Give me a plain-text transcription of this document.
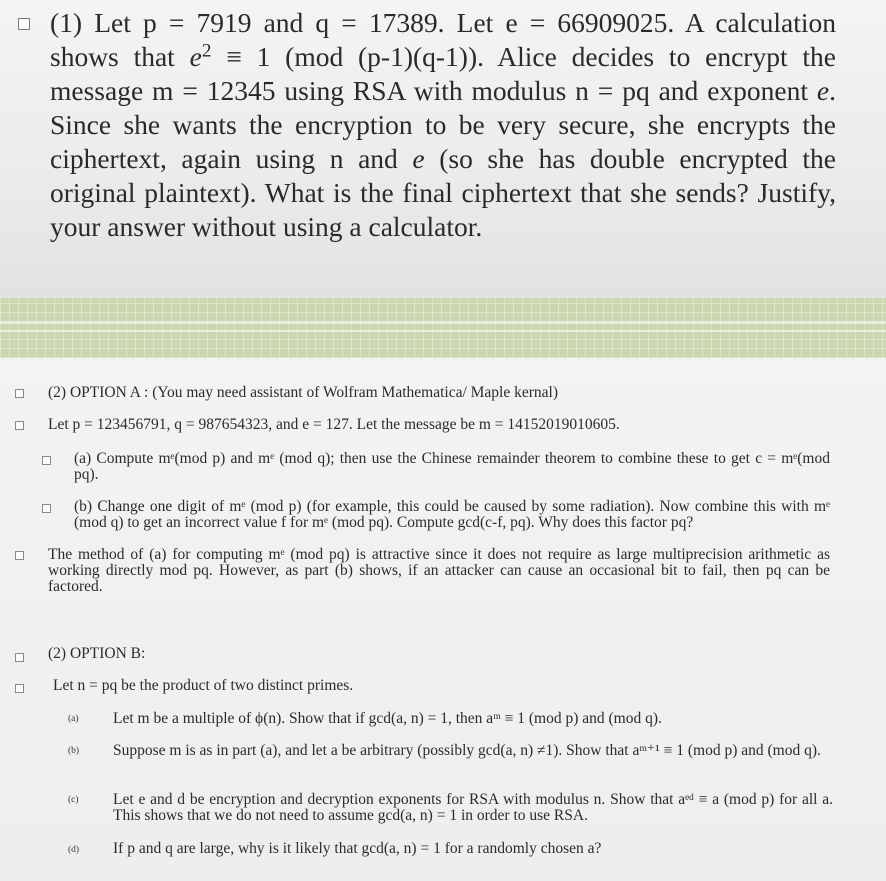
(1) Let p = 7919 and q = 17389. Let e = 66909025. A calculation shows that $e^2 \equiv 1$ (mod (p-1)(q-1)). Alice decides to encrypt the message m = 12345 using RSA with modulus n = pq and exponent e. Since she wants the encryption to be very secure, she encrypts the ciphertext, again using n and e (so she has double encrypted the original plaintext). What is the final ciphertext that she sends? Justify, your answer without using a calculator.
(2) OPTION A : (You may need assistant of Wolfram Mathematica/ Maple kernal)
Let p = 123456791, q = 987654323, and e = 127. Let the message be m = 14152019010605.
(a) Compute mᵉ(mod p) and mᵉ (mod q); then use the Chinese remainder theorem to combine these to get c = mᵉ(mod pq).
(b) Change one digit of mᵉ (mod p) (for example, this could be caused by some radiation). Now combine this with mᵉ (mod q) to get an incorrect value f for mᵉ (mod pq). Compute gcd(c-f, pq). Why does this factor pq?
The method of (a) for computing mᵉ (mod pq) is attractive since it does not require as large multiprecision arithmetic as working directly mod pq. However, as part (b) shows, if an attacker can cause an occasional bit to fail, then pq can be factored.
(2) OPTION B:
Let n = pq be the product of two distinct primes.
(a) Let m be a multiple of ϕ(n). Show that if gcd(a, n) = 1, then aᵐ ≡ 1 (mod p) and (mod q).
(b) Suppose m is as in part (a), and let a be arbitrary (possibly gcd(a, n) ≠1). Show that aᵐ⁺¹ ≡ 1 (mod p) and (mod q).
(c) Let e and d be encryption and decryption exponents for RSA with modulus n. Show that aᵉᵈ ≡ a (mod p) for all a. This shows that we do not need to assume gcd(a, n) = 1 in order to use RSA.
(d) If p and q are large, why is it likely that gcd(a, n) = 1 for a randomly chosen a?
